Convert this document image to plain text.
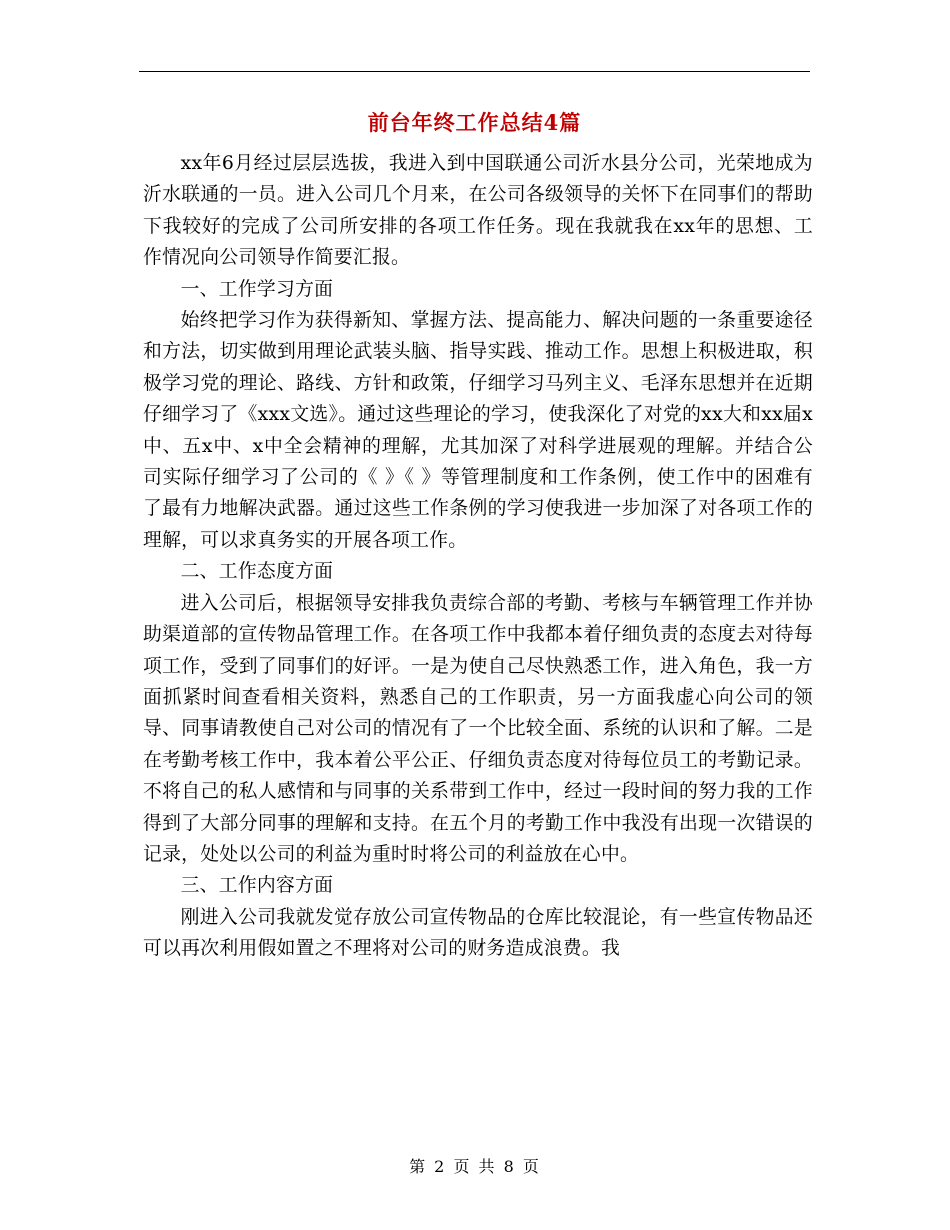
前台年终工作总结4篇

xx年6月经过层层选拔，我进入到中国联通公司沂水县分公司，光荣地成为沂水联通的一员。进入公司几个月来，在公司各级领导的关怀下在同事们的帮助下我较好的完成了公司所安排的各项工作任务。现在我就我在xx年的思想、工作情况向公司领导作简要汇报。

一、工作学习方面

始终把学习作为获得新知、掌握方法、提高能力、解决问题的一条重要途径和方法，切实做到用理论武装头脑、指导实践、推动工作。思想上积极进取，积极学习党的理论、路线、方针和政策，仔细学习马列主义、毛泽东思想并在近期仔细学习了《xxx文选》。通过这些理论的学习，使我深化了对党的xx大和xx届x中、五x中、x中全会精神的理解，尤其加深了对科学进展观的理解。并结合公司实际仔细学习了公司的《 》《 》等管理制度和工作条例，使工作中的困难有了最有力地解决武器。通过这些工作条例的学习使我进一步加深了对各项工作的理解，可以求真务实的开展各项工作。

二、工作态度方面

进入公司后，根据领导安排我负责综合部的考勤、考核与车辆管理工作并协助渠道部的宣传物品管理工作。在各项工作中我都本着仔细负责的态度去对待每项工作，受到了同事们的好评。一是为使自己尽快熟悉工作，进入角色，我一方面抓紧时间查看相关资料，熟悉自己的工作职责，另一方面我虚心向公司的领导、同事请教使自己对公司的情况有了一个比较全面、系统的认识和了解。二是在考勤考核工作中，我本着公平公正、仔细负责态度对待每位员工的考勤记录。不将自己的私人感情和与同事的关系带到工作中，经过一段时间的努力我的工作得到了大部分同事的理解和支持。在五个月的考勤工作中我没有出现一次错误的记录，处处以公司的利益为重时时将公司的利益放在心中。

三、工作内容方面

刚进入公司我就发觉存放公司宣传物品的仓库比较混论，有一些宣传物品还可以再次利用假如置之不理将对公司的财务造成浪费。我

第 2 页 共 8 页
